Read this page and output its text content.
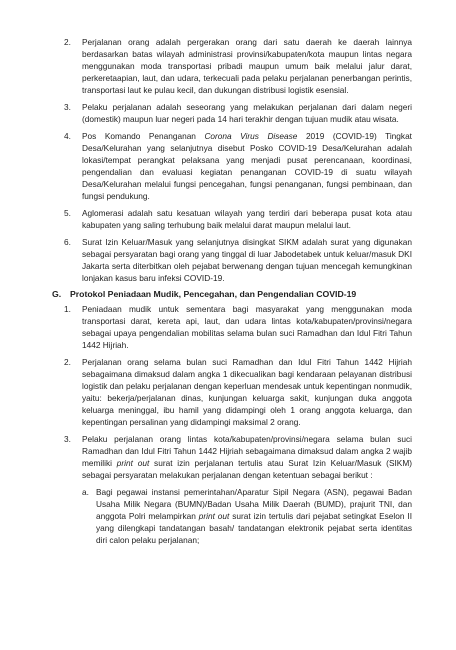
2.	Perjalanan orang adalah pergerakan orang dari satu daerah ke daerah lainnya berdasarkan batas wilayah administrasi provinsi/kabupaten/kota maupun lintas negara menggunakan moda transportasi pribadi maupun umum baik melalui jalur darat, perkeretaapian, laut, dan udara, terkecuali pada pelaku perjalanan penerbangan perintis, transportasi laut ke pulau kecil, dan dukungan distribusi logistik esensial.
3.	Pelaku perjalanan adalah seseorang yang melakukan perjalanan dari dalam negeri (domestik) maupun luar negeri pada 14 hari terakhir dengan tujuan mudik atau wisata.
4.	Pos Komando Penanganan Corona Virus Disease 2019 (COVID-19) Tingkat Desa/Kelurahan yang selanjutnya disebut Posko COVID-19 Desa/Kelurahan adalah lokasi/tempat perangkat pelaksana yang menjadi pusat perencanaan, koordinasi, pengendalian dan evaluasi kegiatan penanganan COVID-19 di suatu wilayah Desa/Kelurahan melalui fungsi pencegahan, fungsi penanganan, fungsi pembinaan, dan fungsi pendukung.
5.	Aglomerasi adalah satu kesatuan wilayah yang terdiri dari beberapa pusat kota atau kabupaten yang saling terhubung baik melalui darat maupun melalui laut.
6.	Surat Izin Keluar/Masuk yang selanjutnya disingkat SIKM adalah surat yang digunakan sebagai persyaratan bagi orang yang tinggal di luar Jabodetabek untuk keluar/masuk DKI Jakarta serta diterbitkan oleh pejabat berwenang dengan tujuan mencegah kemungkinan lonjakan kasus baru infeksi COVID-19.
G.	Protokol Peniadaan Mudik, Pencegahan, dan Pengendalian COVID-19
1.	Peniadaan mudik untuk sementara bagi masyarakat yang menggunakan moda transportasi darat, kereta api, laut, dan udara lintas kota/kabupaten/provinsi/negara sebagai upaya pengendalian mobilitas selama bulan suci Ramadhan dan Idul Fitri Tahun 1442 Hijriah.
2.	Perjalanan orang selama bulan suci Ramadhan dan Idul Fitri Tahun 1442 Hijriah sebagaimana dimaksud dalam angka 1 dikecualikan bagi kendaraan pelayanan distribusi logistik dan pelaku perjalanan dengan keperluan mendesak untuk kepentingan nonmudik, yaitu: bekerja/perjalanan dinas, kunjungan keluarga sakit, kunjungan duka anggota keluarga meninggal, ibu hamil yang didampingi oleh 1 orang anggota keluarga, dan kepentingan persalinan yang didampingi maksimal 2 orang.
3.	Pelaku perjalanan orang lintas kota/kabupaten/provinsi/negara selama bulan suci Ramadhan dan Idul Fitri Tahun 1442 Hijriah sebagaimana dimaksud dalam angka 2 wajib memiliki print out surat izin perjalanan tertulis atau Surat Izin Keluar/Masuk (SIKM) sebagai persyaratan melakukan perjalanan dengan ketentuan sebagai berikut :
a. Bagi pegawai instansi pemerintahan/Aparatur Sipil Negara (ASN), pegawai Badan Usaha Milik Negara (BUMN)/Badan Usaha Milik Daerah (BUMD), prajurit TNI, dan anggota Polri melampirkan print out surat izin tertulis dari pejabat setingkat Eselon II yang dilengkapi tandatangan basah/ tandatangan elektronik pejabat serta identitas diri calon pelaku perjalanan;
